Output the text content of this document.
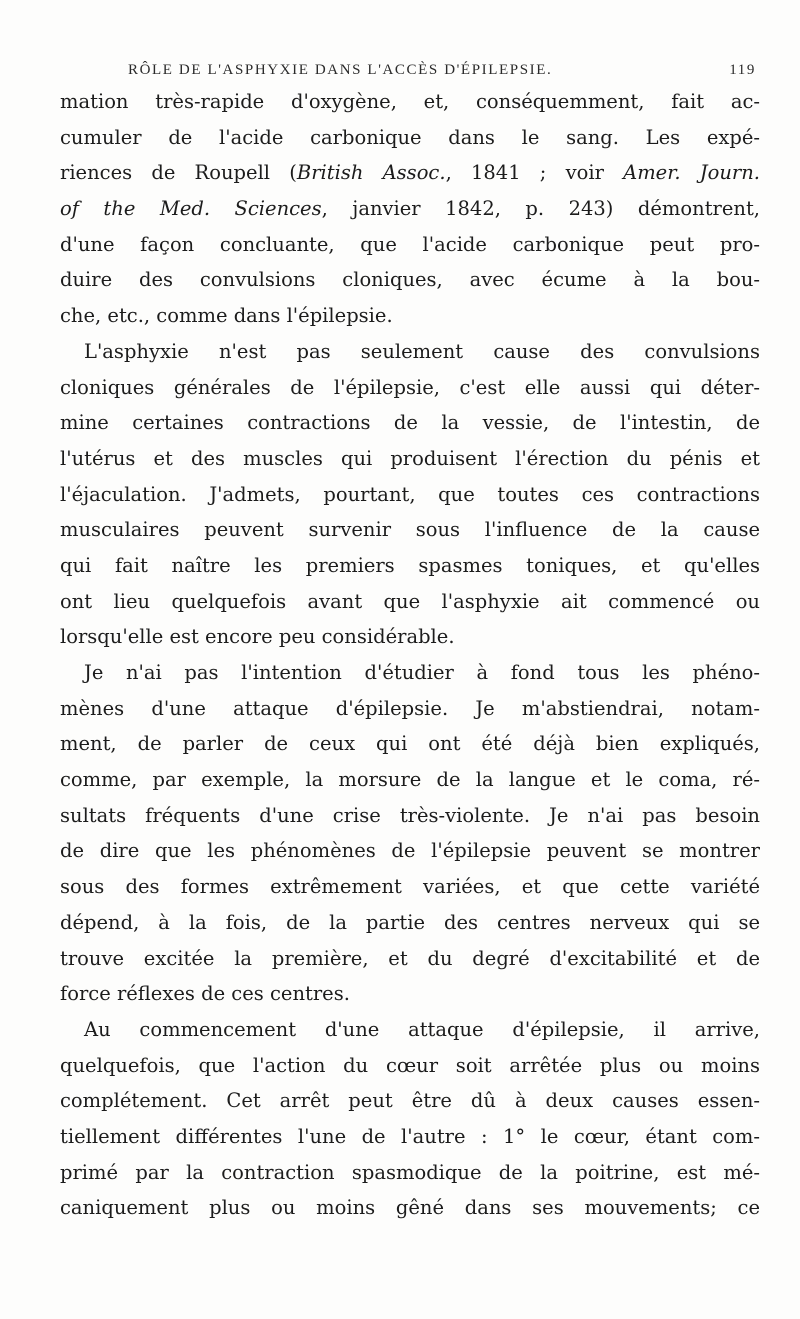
RÔLE DE L'ASPHYXIE DANS L'ACCÈS D'ÉPILEPSIE.	119
mation très-rapide d'oxygène, et, conséquemment, fait ac-
cumuler de l'acide carbonique dans le sang. Les expé-
riences de Roupell (British Assoc., 1841 ; voir Amer. Journ.
of the Med. Sciences, janvier 1842, p. 243) démontrent,
d'une façon concluante, que l'acide carbonique peut pro-
duire des convulsions cloniques, avec écume à la bou-
che, etc., comme dans l'épilepsie.
L'asphyxie n'est pas seulement cause des convulsions
cloniques générales de l'épilepsie, c'est elle aussi qui déter-
mine certaines contractions de la vessie, de l'intestin, de
l'utérus et des muscles qui produisent l'érection du pénis et
l'éjaculation. J'admets, pourtant, que toutes ces contractions
musculaires peuvent survenir sous l'influence de la cause
qui fait naître les premiers spasmes toniques, et qu'elles
ont lieu quelquefois avant que l'asphyxie ait commencé ou
lorsqu'elle est encore peu considérable.
Je n'ai pas l'intention d'étudier à fond tous les phéno-
mènes d'une attaque d'épilepsie. Je m'abstiendrai, notam-
ment, de parler de ceux qui ont été déjà bien expliqués,
comme, par exemple, la morsure de la langue et le coma, ré-
sultats fréquents d'une crise très-violente. Je n'ai pas besoin
de dire que les phénomènes de l'épilepsie peuvent se montrer
sous des formes extrêmement variées, et que cette variété
dépend, à la fois, de la partie des centres nerveux qui se
trouve excitée la première, et du degré d'excitabilité et de
force réflexes de ces centres.
Au commencement d'une attaque d'épilepsie, il arrive,
quelquefois, que l'action du cœur soit arrêtée plus ou moins
complétement. Cet arrêt peut être dû à deux causes essen-
tiellement différentes l'une de l'autre : 1° le cœur, étant com-
primé par la contraction spasmodique de la poitrine, est mé-
caniquement plus ou moins gêné dans ses mouvements; ce
